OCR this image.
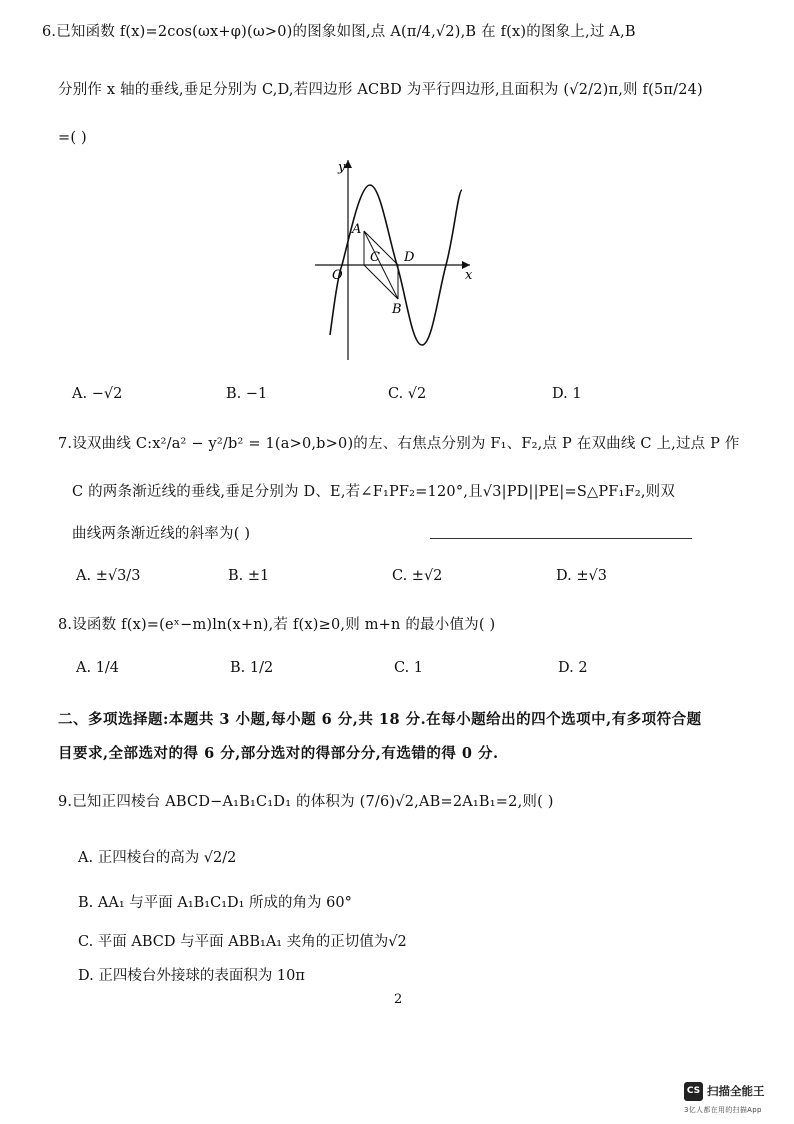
6.已知函数 f(x)=2cos(ωx+φ)(ω>0)的图象如图,点 A(π/4,√2),B 在 f(x)的图象上,过 A,B
分别作 x 轴的垂线,垂足分别为 C,D,若四边形 ACBD 为平行四边形,且面积为 (√2/2)π,则 f(5π/24)
=( )
y
x
O
A
C D
B
A. −√2	B. −1	C. √2	D. 1
7.设双曲线 C:x²/a² − y²/b² = 1(a>0,b>0)的左、右焦点分别为 F₁、F₂,点 P 在双曲线 C 上,过点 P 作
C 的两条渐近线的垂线,垂足分别为 D、E,若∠F₁PF₂=120°,且√3|PD||PE|=S△PF₁F₂,则双
曲线两条渐近线的斜率为( )
A. ±√3/3	B. ±1	C. ±√2	D. ±√3
8.设函数 f(x)=(eˣ−m)ln(x+n),若 f(x)≥0,则 m+n 的最小值为( )
A. 1/4	B. 1/2	C. 1	D. 2
二、多项选择题:本题共 3 小题,每小题 6 分,共 18 分.在每小题给出的四个选项中,有多项符合题
目要求,全部选对的得 6 分,部分选对的得部分分,有选错的得 0 分.
9.已知正四棱台 ABCD−A₁B₁C₁D₁ 的体积为 (7/6)√2,AB=2A₁B₁=2,则( )
A. 正四棱台的高为 √2/2
B. AA₁ 与平面 A₁B₁C₁D₁ 所成的角为 60°
C. 平面 ABCD 与平面 ABB₁A₁ 夹角的正切值为√2
D. 正四棱台外接球的表面积为 10π
2
CS 扫描全能王
3亿人都在用的扫描App
